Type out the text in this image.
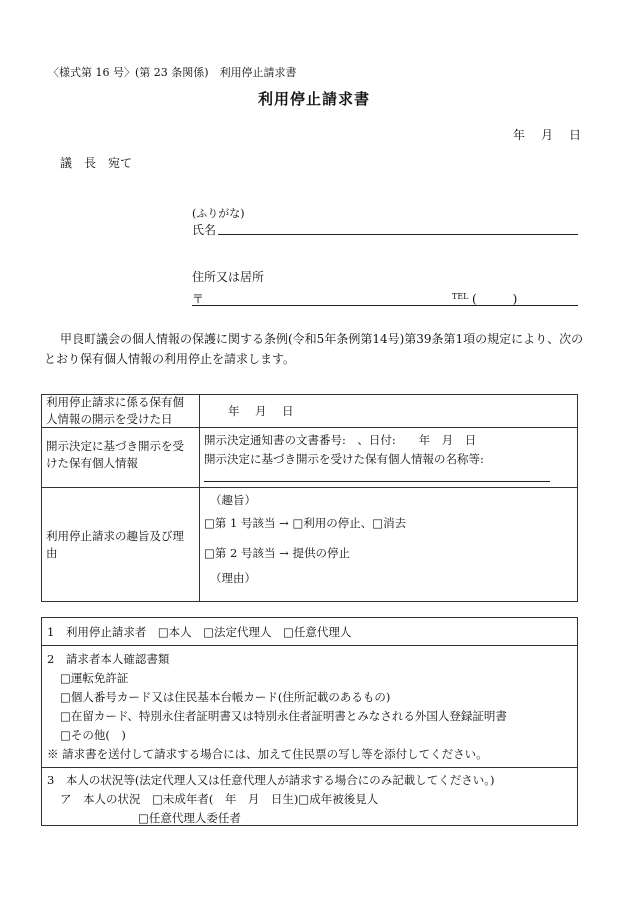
〈様式第 16 号〉(第 23 条関係)　利用停止請求書
利用停止請求書
年　月　日
議　長　宛て
(ふりがな)
氏名
住所又は居所
〒	TEL (　　　)
甲良町議会の個人情報の保護に関する条例(令和5年条例第14号)第39条第1項の規定により、次の
とおり保有個人情報の利用停止を請求します。
利用停止請求に係る保有個
人情報の開示を受けた日
年　月　日
開示決定に基づき開示を受
けた保有個人情報
開示決定通知書の文書番号:　、日付:　　年　月　日
開示決定に基づき開示を受けた保有個人情報の名称等:
利用停止請求の趣旨及び理
由
（趣旨）
□第 1 号該当 → □利用の停止、□消去
□第 2 号該当 → 提供の停止
（理由）
1　利用停止請求者　□本人　□法定代理人　□任意代理人
2　請求者本人確認書類
□運転免許証
□個人番号カード又は住民基本台帳カード(住所記載のあるもの)
□在留カード、特別永住者証明書又は特別永住者証明書とみなされる外国人登録証明書
□その他(　)
※ 請求書を送付して請求する場合には、加えて住民票の写し等を添付してください。
3　本人の状況等(法定代理人又は任意代理人が請求する場合にのみ記載してください。)
ア　本人の状況　□未成年者(　年　月　日生)□成年被後見人
□任意代理人委任者
